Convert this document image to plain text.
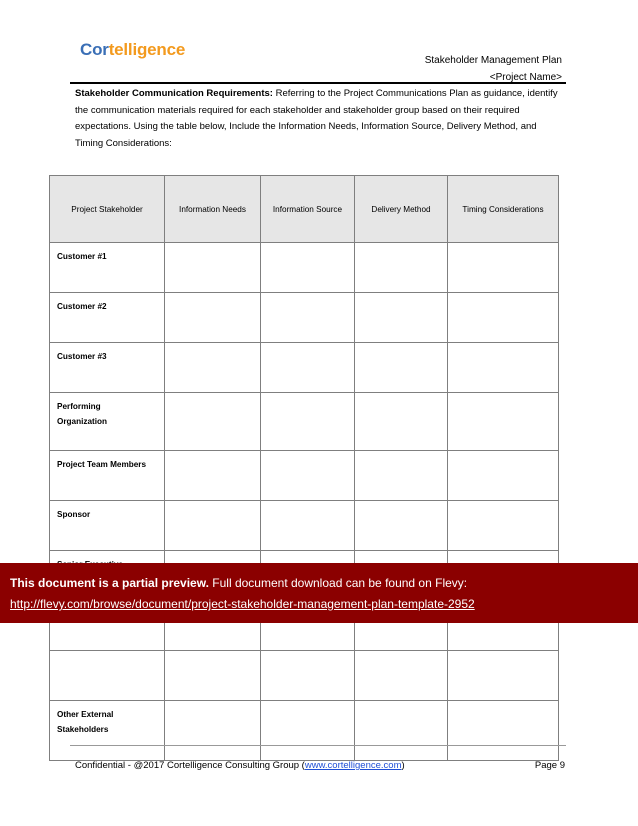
Cortelligence
Stakeholder Management Plan
<Project Name>
Stakeholder Communication Requirements: Referring to the Project Communications Plan as guidance, identify the communication materials required for each stakeholder and stakeholder group based on their required expectations. Using the table below, Include the Information Needs, Information Source, Delivery Method, and Timing Considerations:
Project Stakeholder	Information Needs	Information Source	Delivery Method	Timing Considerations
Customer #1				
Customer #2				
Customer #3				
Performing Organization				
Project Team Members				
Sponsor				

Other External Stakeholders				
This document is a partial preview. Full document download can be found on Flevy:
http://flevy.com/browse/document/project-stakeholder-management-plan-template-2952
Confidential - @2017 Cortelligence Consulting Group (www.cortelligence.com)	Page 9
